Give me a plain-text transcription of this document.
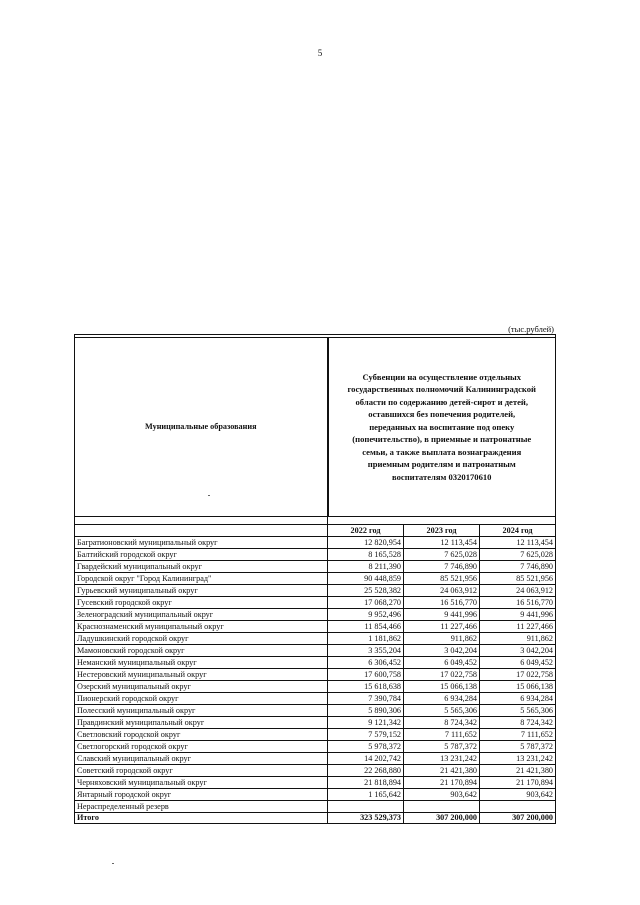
5
(тыс.рублей)

Муниципальные образования	Субвенции на осуществление отдельных государственных полномочий Калининградской области по содержанию детей-сирот и детей, оставшихся без попечения родителей, переданных на воспитание под опеку (попечительство), в приемные и патронатные семьи, а также выплата вознаграждения приемным родителям и патронатным воспитателям 0320170610		

	2022 год	2023 год	2024 год
Багратионовский муниципальный округ	12 820,954	12 113,454	12 113,454
Балтийский городской округ	8 165,528	7 625,028	7 625,028
Гвардейский муниципальный округ	8 211,390	7 746,890	7 746,890
Городской округ "Город Калининград"	90 448,859	85 521,956	85 521,956
Гурьевский муниципальный округ	25 528,382	24 063,912	24 063,912
Гусевский городской округ	17 068,270	16 516,770	16 516,770
Зеленоградский муниципальный округ	9 952,496	9 441,996	9 441,996
Краснознаменский муниципальный округ	11 854,466	11 227,466	11 227,466
Ладушкинский городской округ	1 181,862	911,862	911,862
Мамоновский городской округ	3 355,204	3 042,204	3 042,204
Неманский муниципальный округ	6 306,452	6 049,452	6 049,452
Нестеровский муниципальный округ	17 600,758	17 022,758	17 022,758
Озерский муниципальный округ	15 618,638	15 066,138	15 066,138
Пионерский городской округ	7 390,784	6 934,284	6 934,284
Полесский муниципальный округ	5 890,306	5 565,306	5 565,306
Правдинский муниципальный округ	9 121,342	8 724,342	8 724,342
Светловский городской округ	7 579,152	7 111,652	7 111,652
Светлогорский городской округ	5 978,372	5 787,372	5 787,372
Славский муниципальный округ	14 202,742	13 231,242	13 231,242
Советский городской округ	22 268,880	21 421,380	21 421,380
Черняховский муниципальный округ	21 818,894	21 170,894	21 170,894
Янтарный городской округ	1 165,642	903,642	903,642
Нераспределенный резерв			
Итого	323 529,373	307 200,000	307 200,000
